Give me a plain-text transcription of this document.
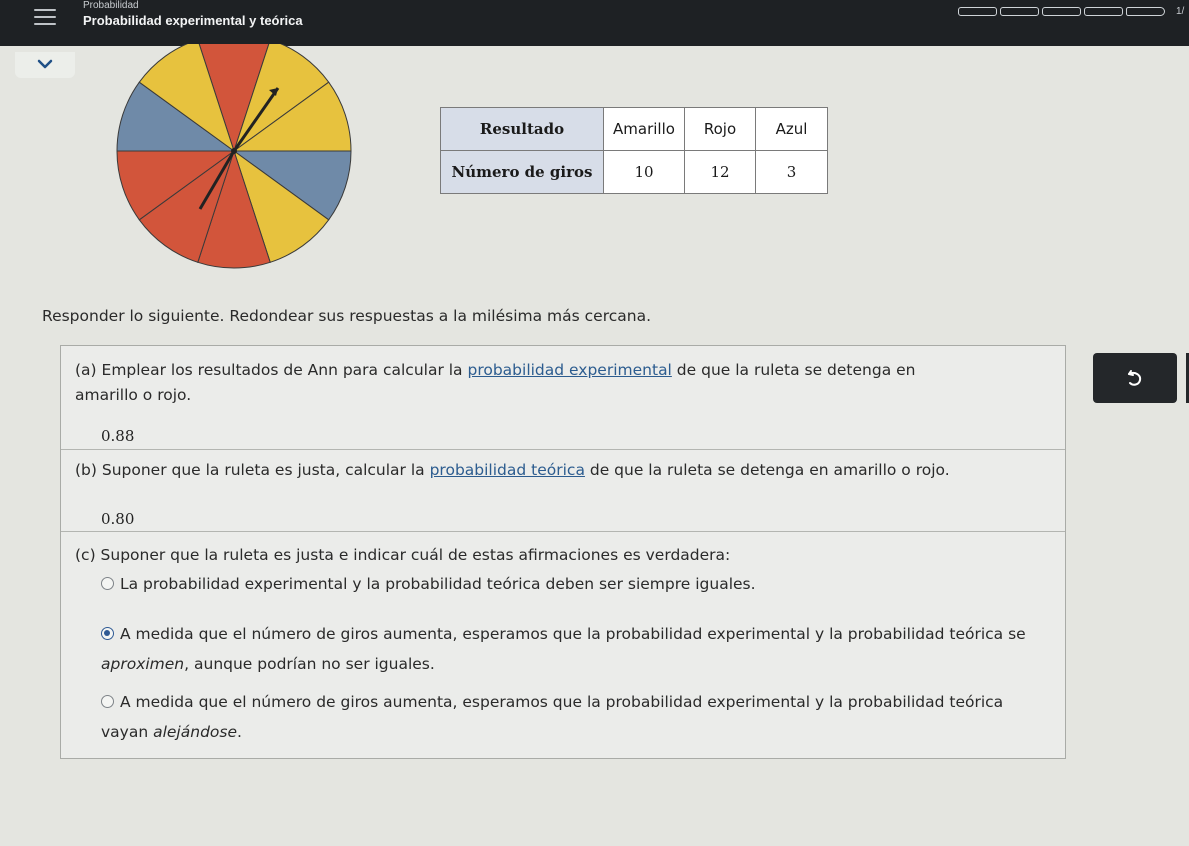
Probabilidad
Probabilidad experimental y teórica
1/
Resultado	Amarillo	Rojo	Azul
Número de giros	10	12	3
Responder lo siguiente. Redondear sus respuestas a la milésima más cercana.
(a) Emplear los resultados de Ann para calcular la probabilidad experimental de que la ruleta se detenga en amarillo o rojo.
0.88
(b) Suponer que la ruleta es justa, calcular la probabilidad teórica de que la ruleta se detenga en amarillo o rojo.
0.80
(c) Suponer que la ruleta es justa e indicar cuál de estas afirmaciones es verdadera:
La probabilidad experimental y la probabilidad teórica deben ser siempre iguales.
A medida que el número de giros aumenta, esperamos que la probabilidad experimental y la probabilidad teórica se aproximen, aunque podrían no ser iguales.
A medida que el número de giros aumenta, esperamos que la probabilidad experimental y la probabilidad teórica vayan alejándose.
